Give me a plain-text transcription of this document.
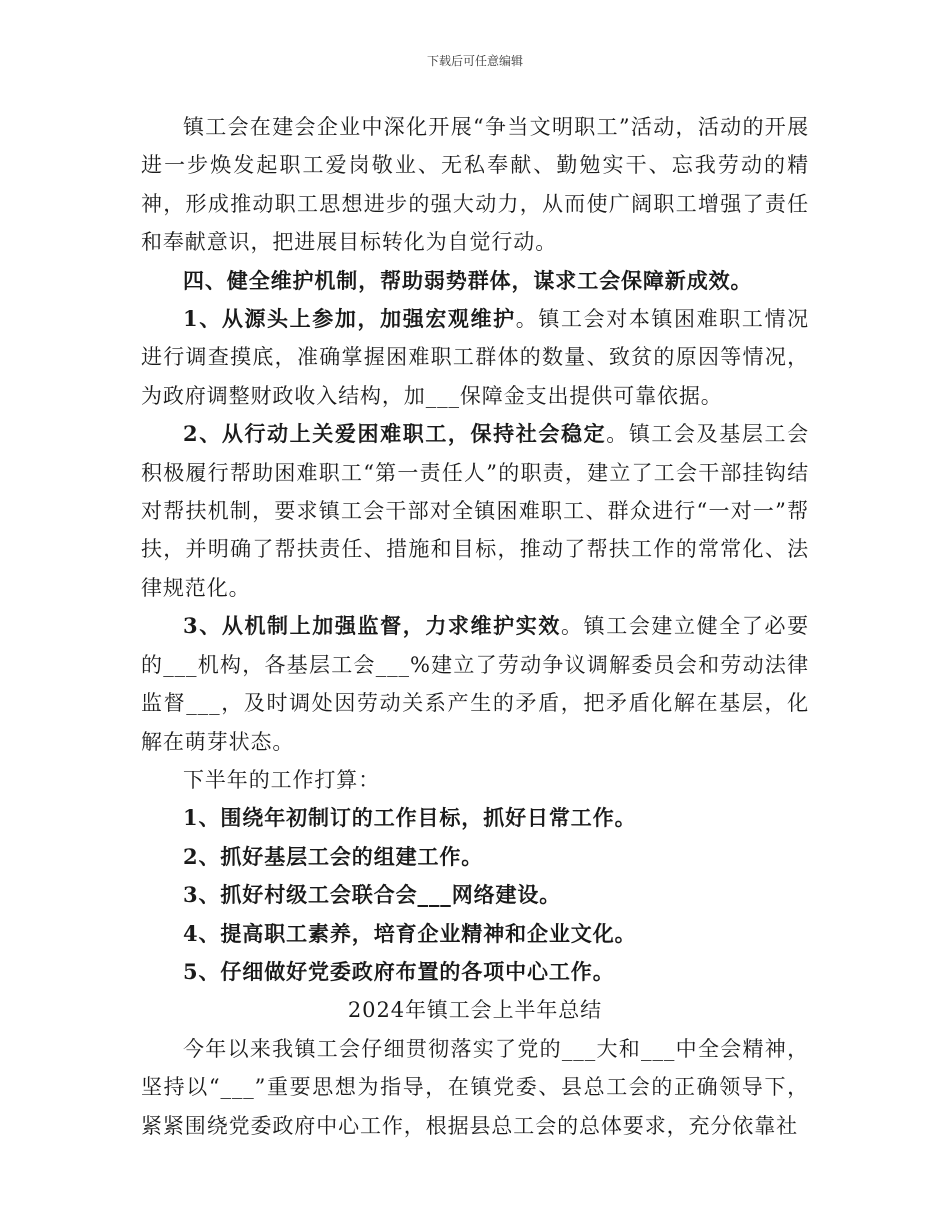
下载后可任意编辑

镇工会在建会企业中深化开展“争当文明职工”活动，活动的开展进一步焕发起职工爱岗敬业、无私奉献、勤勉实干、忘我劳动的精神，形成推动职工思想进步的强大动力，从而使广阔职工增强了责任和奉献意识，把进展目标转化为自觉行动。

四、健全维护机制，帮助弱势群体，谋求工会保障新成效。

1、从源头上参加，加强宏观维护。镇工会对本镇困难职工情况进行调查摸底，准确掌握困难职工群体的数量、致贫的原因等情况，为政府调整财政收入结构，加___保障金支出提供可靠依据。

2、从行动上关爱困难职工，保持社会稳定。镇工会及基层工会积极履行帮助困难职工“第一责任人”的职责，建立了工会干部挂钩结对帮扶机制，要求镇工会干部对全镇困难职工、群众进行“一对一”帮扶，并明确了帮扶责任、措施和目标，推动了帮扶工作的常常化、法律规范化。

3、从机制上加强监督，力求维护实效。镇工会建立健全了必要的___机构，各基层工会___%建立了劳动争议调解委员会和劳动法律监督___，及时调处因劳动关系产生的矛盾，把矛盾化解在基层，化解在萌芽状态。

下半年的工作打算：

1、围绕年初制订的工作目标，抓好日常工作。

2、抓好基层工会的组建工作。

3、抓好村级工会联合会___网络建设。

4、提高职工素养，培育企业精神和企业文化。

5、仔细做好党委政府布置的各项中心工作。

2024年镇工会上半年总结

今年以来我镇工会仔细贯彻落实了党的___大和___中全会精神，坚持以“___”重要思想为指导，在镇党委、县总工会的正确领导下，紧紧围绕党委政府中心工作，根据县总工会的总体要求，充分依靠社
